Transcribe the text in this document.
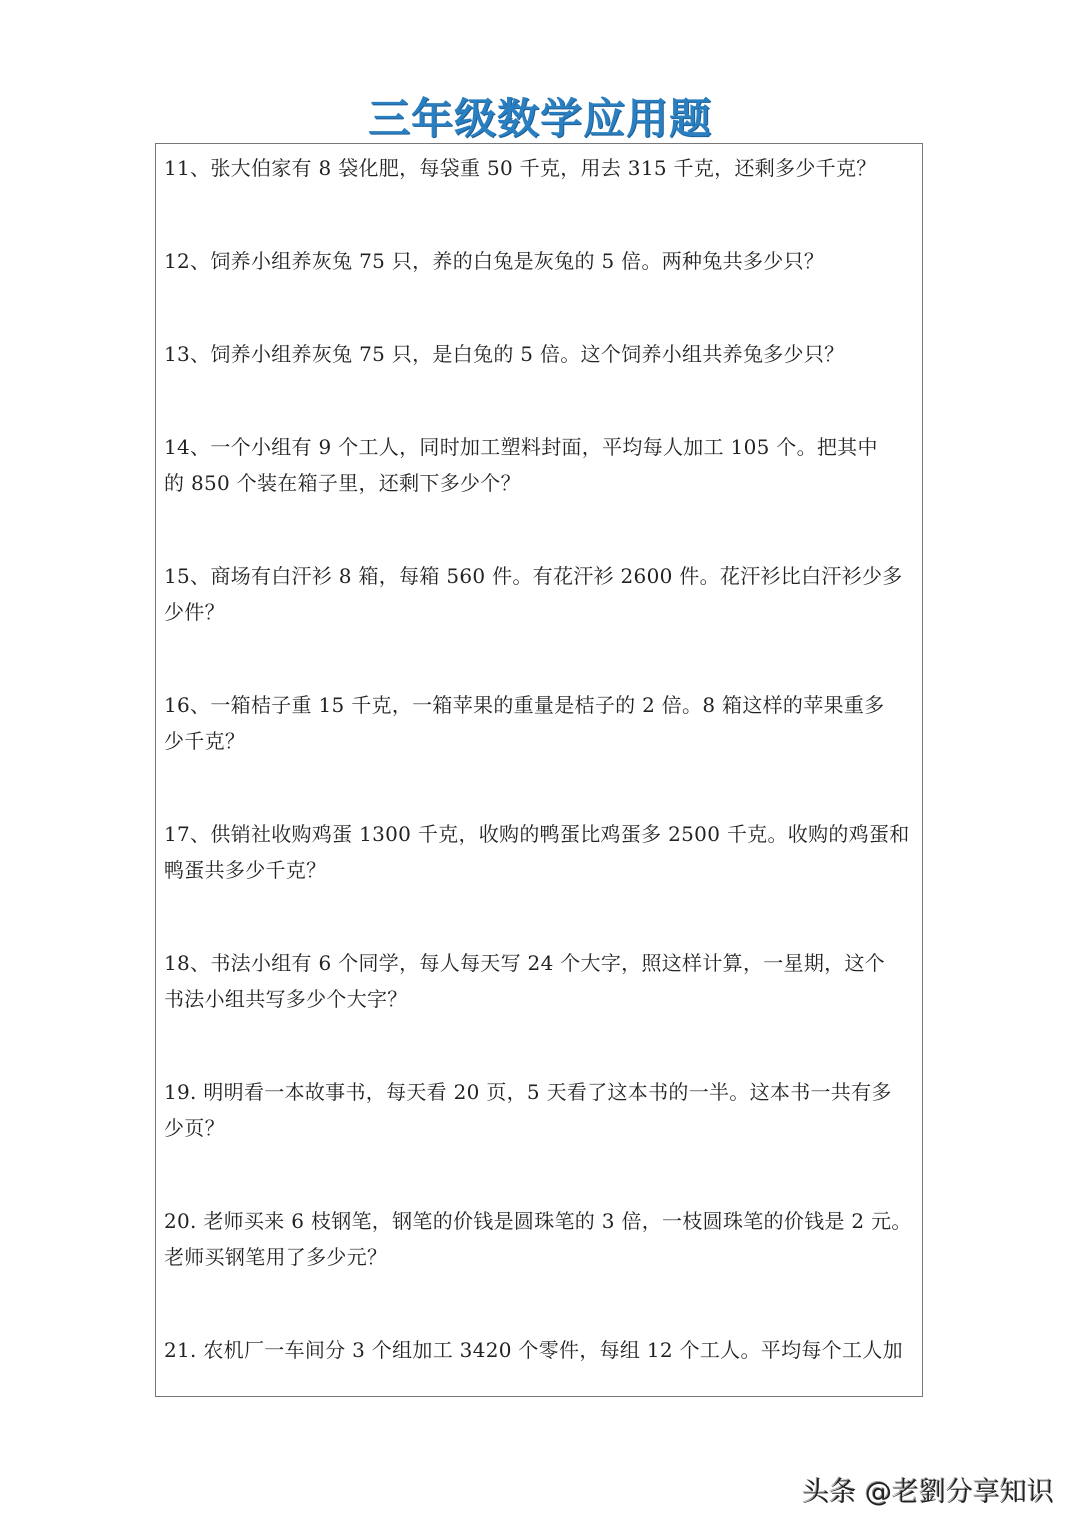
三年级数学应用题
11、张大伯家有 8 袋化肥，每袋重 50 千克，用去 315 千克，还剩多少千克？
12、饲养小组养灰兔 75 只，养的白兔是灰兔的 5 倍。两种兔共多少只？
13、饲养小组养灰兔 75 只，是白兔的 5 倍。这个饲养小组共养兔多少只？
14、一个小组有 9 个工人，同时加工塑料封面，平均每人加工 105 个。把其中
的 850 个装在箱子里，还剩下多少个？
15、商场有白汗衫 8 箱，每箱 560 件。有花汗衫 2600 件。花汗衫比白汗衫少多
少件？
16、一箱桔子重 15 千克，一箱苹果的重量是桔子的 2 倍。8 箱这样的苹果重多
少千克？
17、供销社收购鸡蛋 1300 千克，收购的鸭蛋比鸡蛋多 2500 千克。收购的鸡蛋和
鸭蛋共多少千克？
18、书法小组有 6 个同学，每人每天写 24 个大字，照这样计算，一星期，这个
书法小组共写多少个大字？
19. 明明看一本故事书，每天看 20 页，5 天看了这本书的一半。这本书一共有多
少页？
20. 老师买来 6 枝钢笔，钢笔的价钱是圆珠笔的 3 倍，一枝圆珠笔的价钱是 2 元。
老师买钢笔用了多少元？
21. 农机厂一车间分 3 个组加工 3420 个零件，每组 12 个工人。平均每个工人加
头条 @老劉分享知识
